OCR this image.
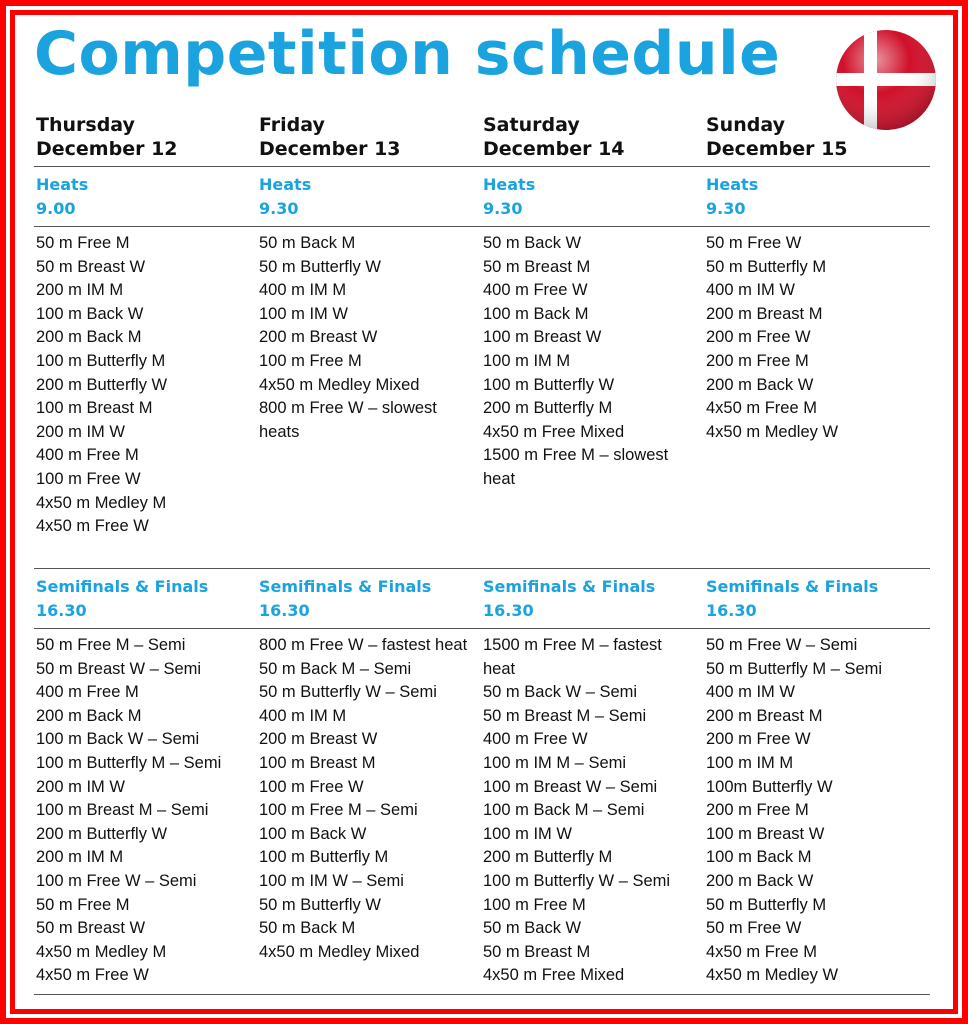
Competition schedule
Thursday
December 12
Friday
December 13
Saturday
December 14
Sunday
December 15
Heats
9.00
Heats
9.30
Heats
9.30
Heats
9.30
50 m Free M
50 m Breast W
200 m IM M
100 m Back W
200 m Back M
100 m Butterfly M
200 m Butterfly W
100 m Breast M
200 m IM W
400 m Free M
100 m Free W
4x50 m Medley M
4x50 m Free W
50 m Back M
50 m Butterfly W
400 m IM M
100 m IM W
200 m Breast W
100 m Free M
4x50 m Medley Mixed
800 m Free W – slowest heats
50 m Back W
50 m Breast M
400 m Free W
100 m Back M
100 m Breast W
100 m IM M
100 m Butterfly W
200 m Butterfly M
4x50 m Free Mixed
1500 m Free M – slowest heat
50 m Free W
50 m Butterfly M
400 m IM W
200 m Breast M
200 m Free W
200 m Free M
200 m Back W
4x50 m Free M
4x50 m Medley W
Semifinals & Finals
16.30
Semifinals & Finals
16.30
Semifinals & Finals
16.30
Semifinals & Finals
16.30
50 m Free M – Semi
50 m Breast W – Semi
400 m Free M
200 m Back M
100 m Back W – Semi
100 m Butterfly M – Semi
200 m IM W
100 m Breast M – Semi
200 m Butterfly W
200 m IM M
100 m Free W – Semi
50 m Free M
50 m Breast W
4x50 m Medley M
4x50 m Free W
800 m Free W – fastest heat
50 m Back M – Semi
50 m Butterfly W – Semi
400 m IM M
200 m Breast W
100 m Breast M
100 m Free W
100 m Free M – Semi
100 m Back W
100 m Butterfly M
100 m IM W – Semi
50 m Butterfly W
50 m Back M
4x50 m Medley Mixed
1500 m Free M – fastest heat
50 m Back W – Semi
50 m Breast M – Semi
400 m Free W
100 m IM M – Semi
100 m Breast W – Semi
100 m Back M – Semi
100 m IM W
200 m Butterfly M
100 m Butterfly W – Semi
100 m Free M
50 m Back W
50 m Breast M
4x50 m Free Mixed
50 m Free W – Semi
50 m Butterfly M – Semi
400 m IM W
200 m Breast M
200 m Free W
100 m IM M
100m Butterfly W
200 m Free M
100 m Breast W
100 m Back M
200 m Back W
50 m Butterfly M
50 m Free W
4x50 m Free M
4x50 m Medley W
